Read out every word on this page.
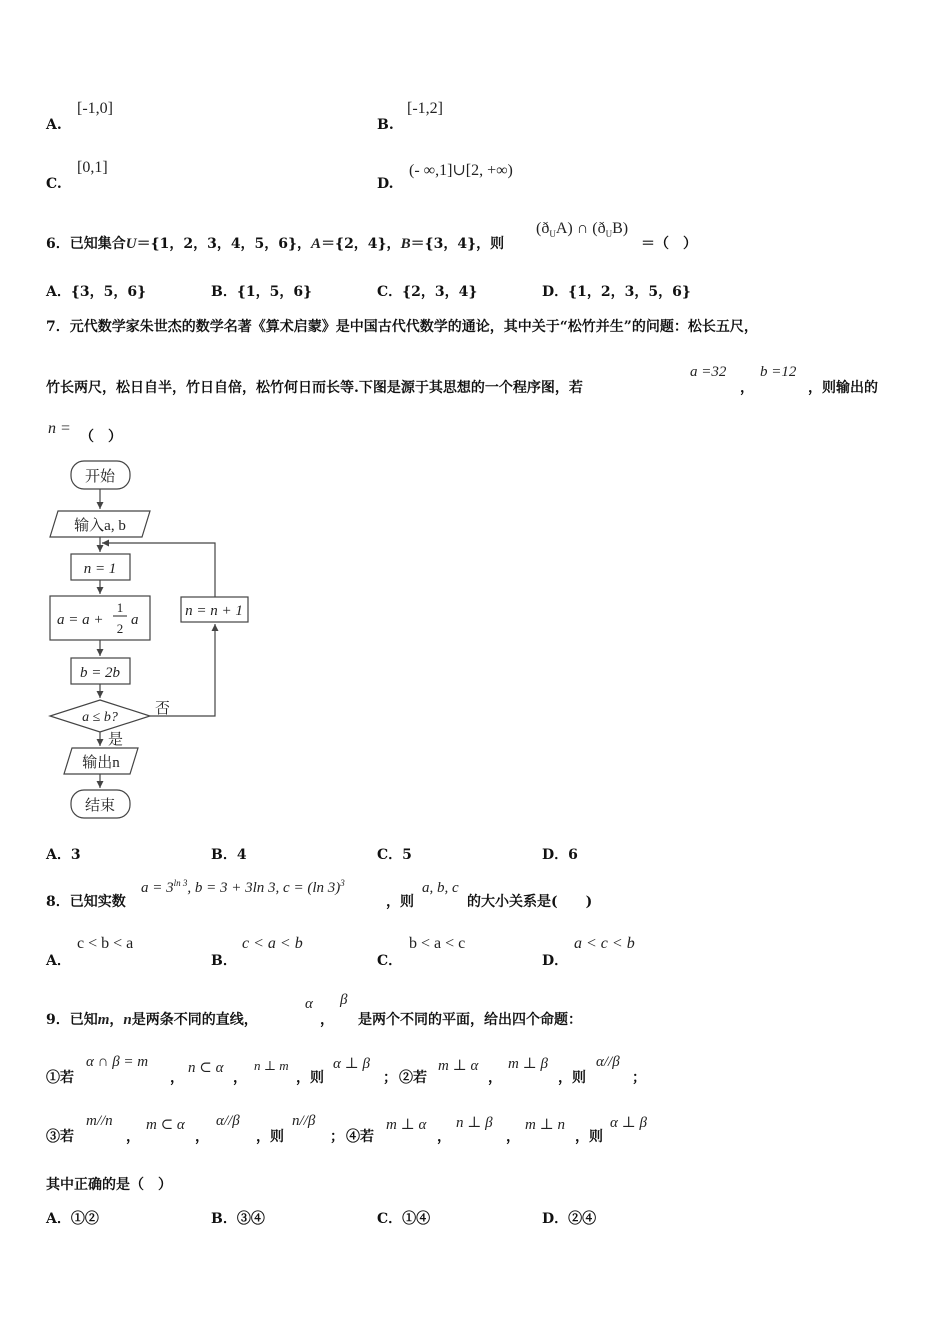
A.
[-1,0]
B.
[-1,2]
C.
[0,1]
D.
(- ∞,1]∪[2, +∞)
6．已知集合U＝{1，2，3，4，5，6}，A＝{2，4}，B＝{3，4}，则
$(ð_UA)$ ∩ $(ð_UB)$
＝（　）
A．{3，5，6}	B．{1，5，6}	C．{2，3，4}	D．{1，2，3，5，6}
7．元代数学家朱世杰的数学名著《算术启蒙》是中国古代代数学的通论，其中关于“松竹并生”的问题：松长五尺，
竹长两尺，松日自半，竹日自倍，松竹何日而长等.下图是源于其思想的一个程序图，若
a =32
，
b =12
，则输出的
n = （　）
开始
输入a, b
n = 1
a = a +
1
2
a
b = 2b
a ≤ b?
否
是
n = n + 1
输出n
结束
A．3	B．4	C．5	D．6
8．已知实数
$a = 3^{ln 3}$, b = 3 + 3ln 3, c = (ln 3)$^3$
，则
a, b, c
的大小关系是(　　)
A．
c < b < a
B．
c < a < b
C．
b < a < c
D．
a < c < b
9．已知m，n是两条不同的直线，
α
，
β
是两个不同的平面，给出四个命题：
①若
α ∩ β = m
，
n ⊂ α
，
n ⊥ m
，则
α ⊥ β
； ②若
m ⊥ α
，
m ⊥ β
，则
α//β
；
③若
m//n
，
m ⊂ α
，
α//β
，则
n//β
； ④若
m ⊥ α
，
n ⊥ β
，
m ⊥ n
，则
α ⊥ β
其中正确的是（　）
A．①②	B．③④	C．①④	D．②④
